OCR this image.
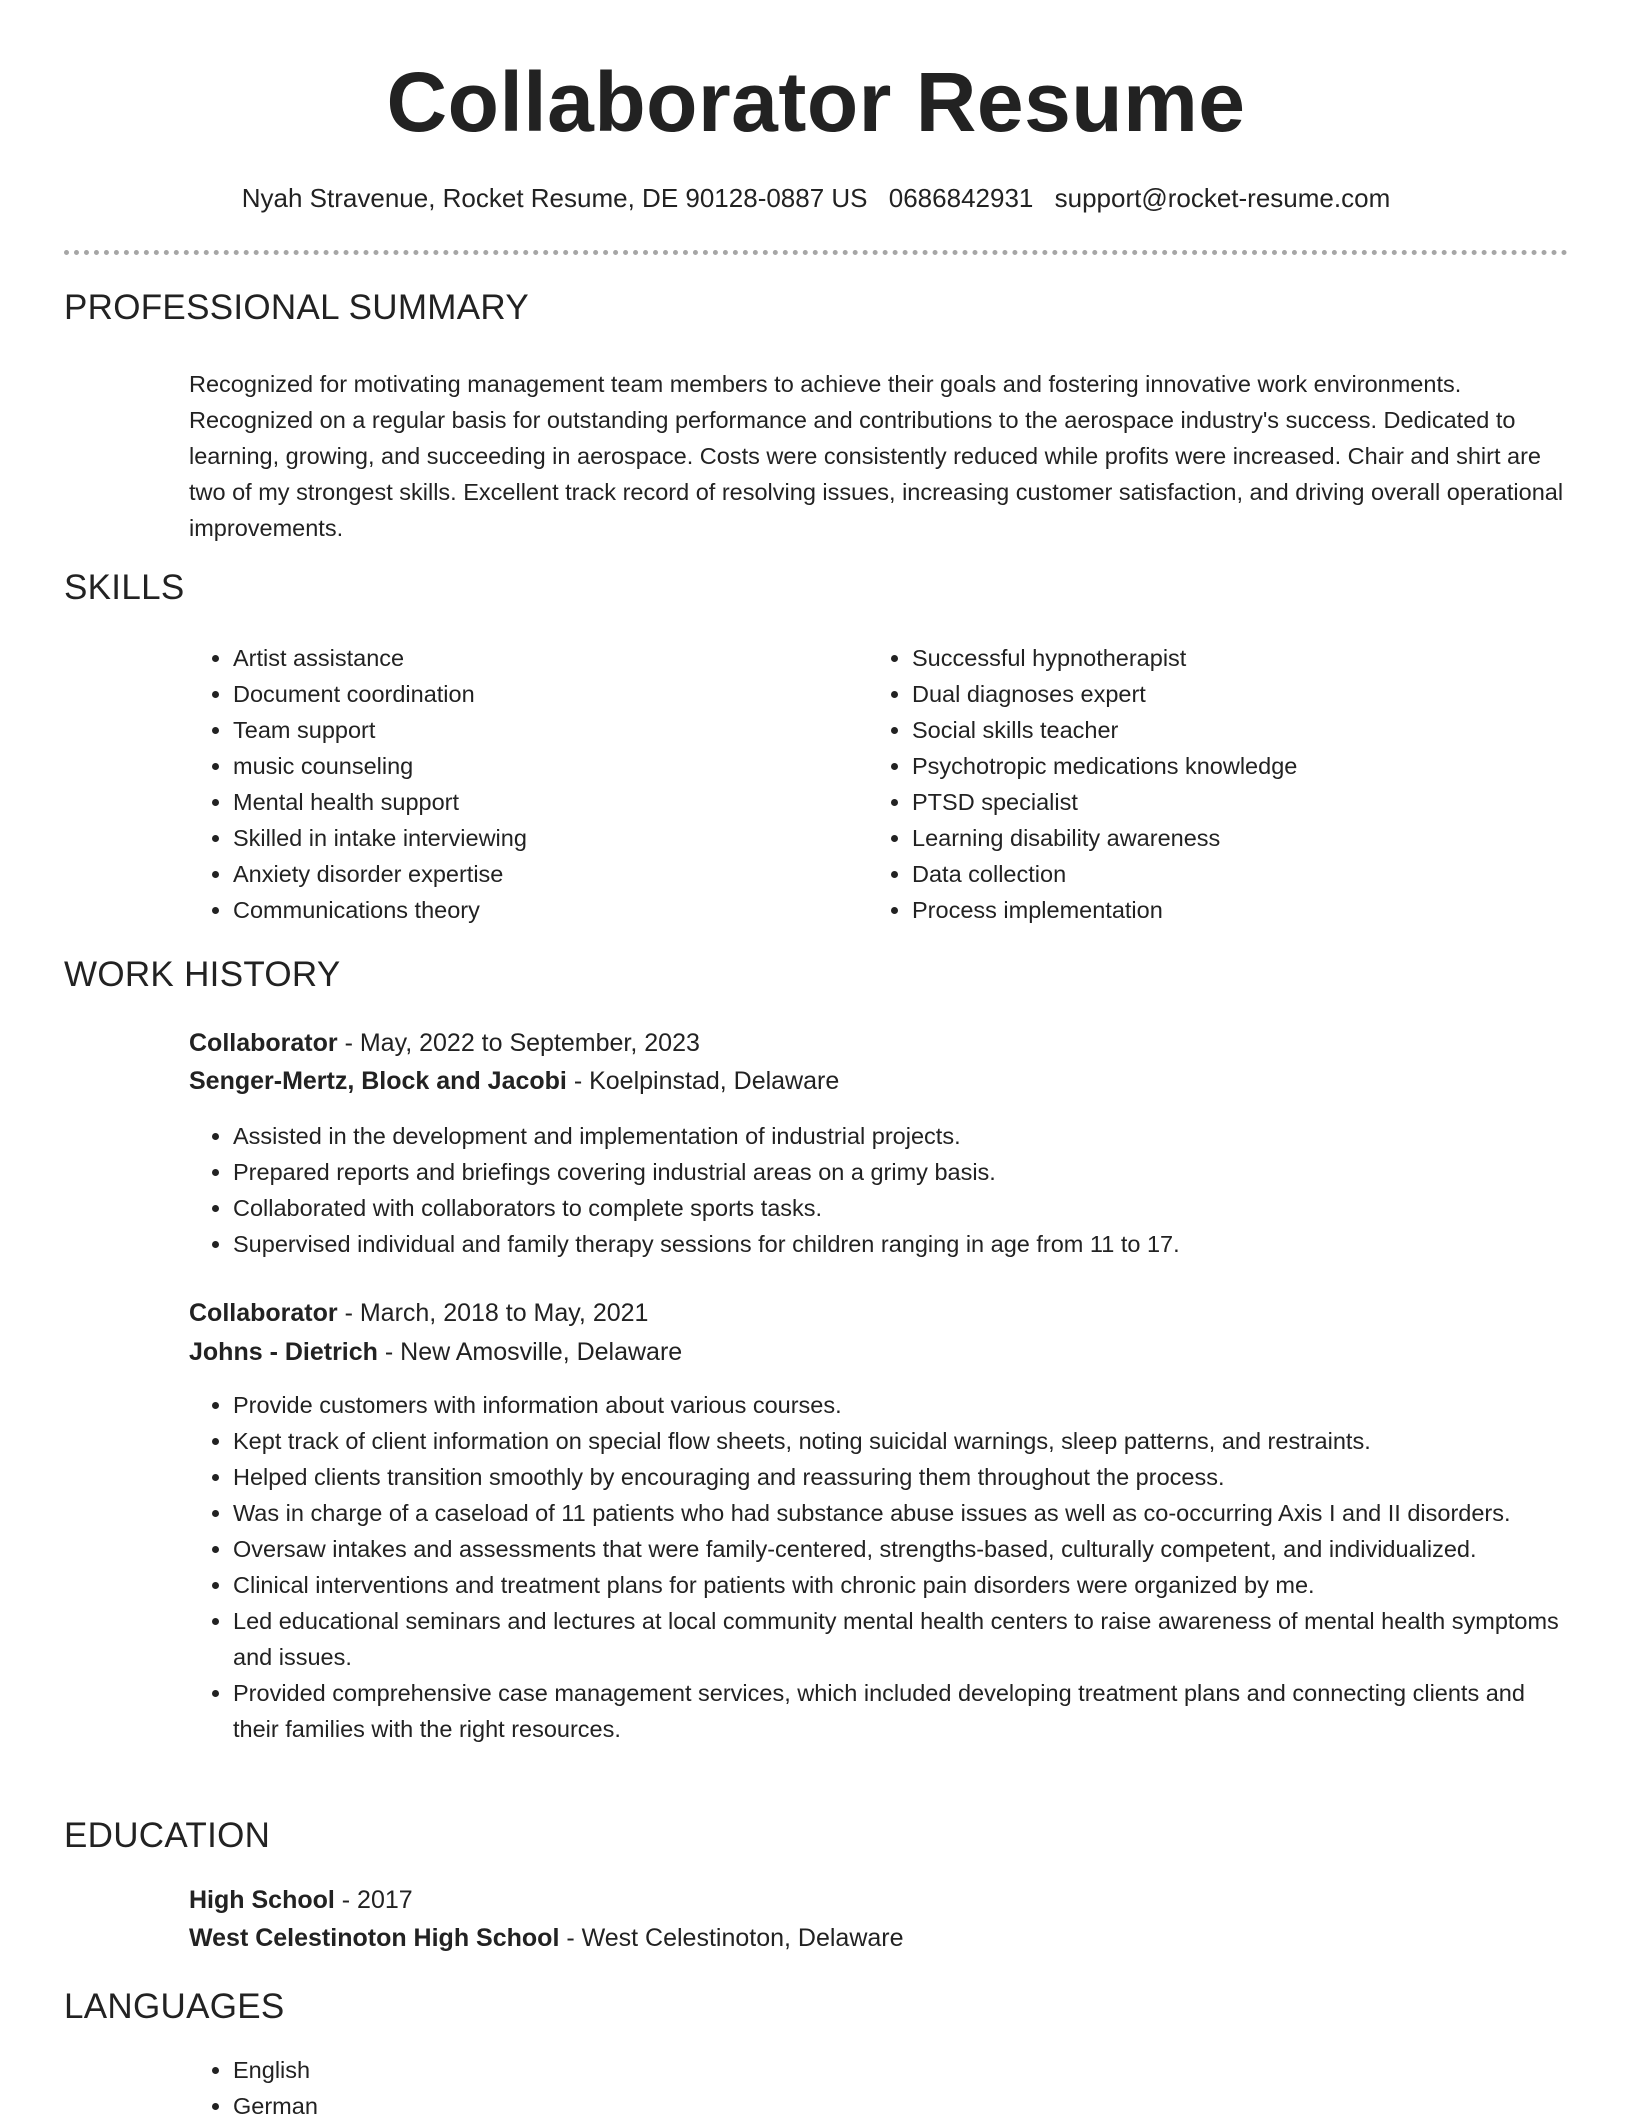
Collaborator Resume
Nyah Stravenue, Rocket Resume, DE 90128-0887 US 0686842931 support@rocket-resume.com
PROFESSIONAL SUMMARY

Recognized for motivating management team members to achieve their goals and fostering innovative work environments. Recognized on a regular basis for outstanding performance and contributions to the aerospace industry's success. Dedicated to learning, growing, and succeeding in aerospace. Costs were consistently reduced while profits were increased. Chair and shirt are two of my strongest skills. Excellent track record of resolving issues, increasing customer satisfaction, and driving overall operational improvements.

SKILLS
• Artist assistance
• Document coordination
• Team support
• music counseling
• Mental health support
• Skilled in intake interviewing
• Anxiety disorder expertise
• Communications theory
• Successful hypnotherapist
• Dual diagnoses expert
• Social skills teacher
• Psychotropic medications knowledge
• PTSD specialist
• Learning disability awareness
• Data collection
• Process implementation
WORK HISTORY

Collaborator - May, 2022 to September, 2023

Senger-Mertz, Block and Jacobi - Koelpinstad, Delaware

• Assisted in the development and implementation of industrial projects.
• Prepared reports and briefings covering industrial areas on a grimy basis.
• Collaborated with collaborators to complete sports tasks.
• Supervised individual and family therapy sessions for children ranging in age from 11 to 17.

Collaborator - March, 2018 to May, 2021

Johns - Dietrich - New Amosville, Delaware

• Provide customers with information about various courses.
• Kept track of client information on special flow sheets, noting suicidal warnings, sleep patterns, and restraints.
• Helped clients transition smoothly by encouraging and reassuring them throughout the process.
• Was in charge of a caseload of 11 patients who had substance abuse issues as well as co-occurring Axis I and II disorders.
• Oversaw intakes and assessments that were family-centered, strengths-based, culturally competent, and individualized.
• Clinical interventions and treatment plans for patients with chronic pain disorders were organized by me.
• Led educational seminars and lectures at local community mental health centers to raise awareness of mental health symptoms and issues.
• Provided comprehensive case management services, which included developing treatment plans and connecting clients and their families with the right resources.
EDUCATION

High School - 2017

West Celestinoton High School - West Celestinoton, Delaware

LANGUAGES
• English
• German
